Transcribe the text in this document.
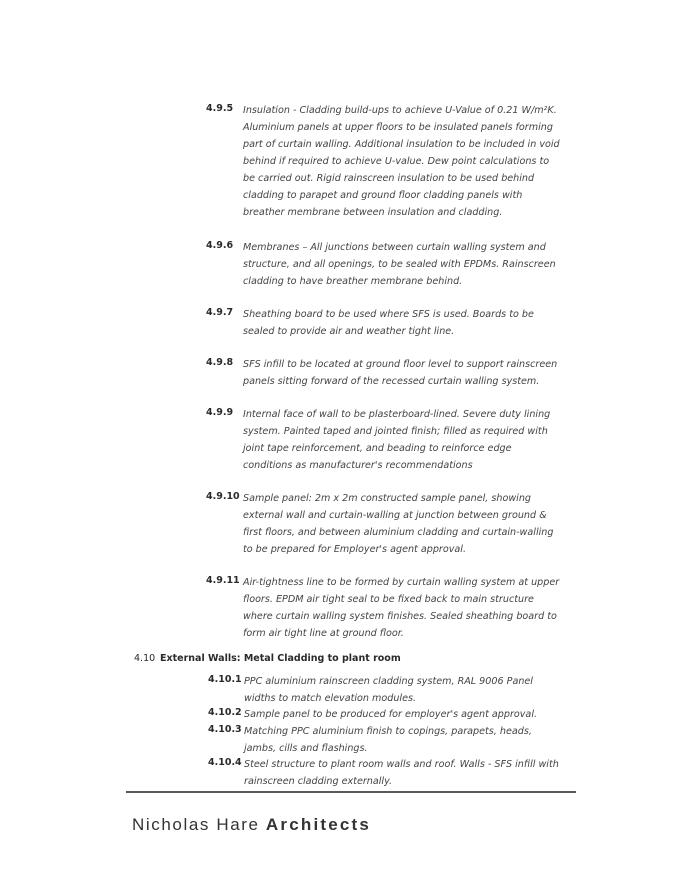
4.9.5 Insulation - Cladding build-ups to achieve U-Value of 0.21 W/m²K. Aluminium panels at upper floors to be insulated panels forming part of curtain walling. Additional insulation to be included in void behind if required to achieve U-value. Dew point calculations to be carried out. Rigid rainscreen insulation to be used behind cladding to parapet and ground floor cladding panels with breather membrane between insulation and cladding.
4.9.6 Membranes – All junctions between curtain walling system and structure, and all openings, to be sealed with EPDMs. Rainscreen cladding to have breather membrane behind.
4.9.7 Sheathing board to be used where SFS is used. Boards to be sealed to provide air and weather tight line.
4.9.8 SFS infill to be located at ground floor level to support rainscreen panels sitting forward of the recessed curtain walling system.
4.9.9 Internal face of wall to be plasterboard-lined. Severe duty lining system. Painted taped and jointed finish; filled as required with joint tape reinforcement, and beading to reinforce edge conditions as manufacturer's recommendations
4.9.10 Sample panel: 2m x 2m constructed sample panel, showing external wall and curtain-walling at junction between ground & first floors, and between aluminium cladding and curtain-walling to be prepared for Employer's agent approval.
4.9.11 Air-tightness line to be formed by curtain walling system at upper floors. EPDM air tight seal to be fixed back to main structure where curtain walling system finishes. Sealed sheathing board to form air tight line at ground floor.
4.10 External Walls: Metal Cladding to plant room
4.10.1 PPC aluminium rainscreen cladding system, RAL 9006 Panel widths to match elevation modules.
4.10.2 Sample panel to be produced for employer's agent approval.
4.10.3 Matching PPC aluminium finish to copings, parapets, heads, jambs, cills and flashings.
4.10.4 Steel structure to plant room walls and roof. Walls - SFS infill with rainscreen cladding externally.
Nicholas Hare Architects
